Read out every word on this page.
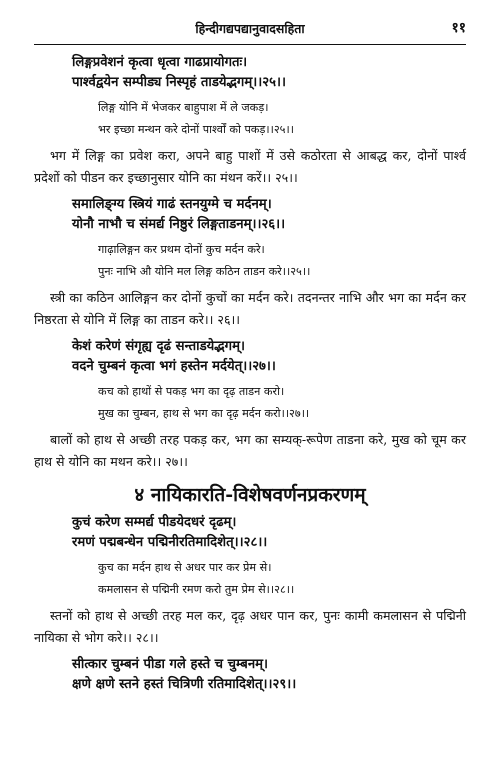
हिन्दीगद्यपद्यानुवादसहिता	११
लिङ्गप्रवेशनं कृत्वा धृत्वा गाढप्रायोगतः।
पार्श्वद्वयेन सम्पीड्य निस्पृहं ताडयेद्भगम्।।२५।।
लिङ्ग योनि में भेजकर बाहुपाश में ले जकड़।
भर इच्छा मन्थन करे दोनों पार्श्वों को पकड़।।२५।।
भग में लिङ्ग का प्रवेश करा, अपने बाहु पाशों में उसे कठोरता से आबद्ध कर, दोनों पार्श्व प्रदेशों को पीडन कर इच्छानुसार योनि का मंथन करें।। २५।।
समालिङ्ग्य स्त्रियं गाढं स्तनयुग्मे च मर्दनम्।
योनौ नाभौ च संमर्द्य निष्ठुरं लिङ्गताडनम्।।२६।।
गाढ़ालिङ्गन कर प्रथम दोनों कुच मर्दन करे।
पुनः नाभि औ योनि मल लिङ्ग कठिन ताडन करे।।२५।।
स्त्री का कठिन आलिङ्गन कर दोनों कुचों का मर्दन करे। तदनन्तर नाभि और भग का मर्दन कर निष्ठरता से योनि में लिङ्ग का ताडन करे।। २६।।
केशं करेणं संगृह्य दृढं सन्ताडयेद्भगम्।
वदने चुम्बनं कृत्वा भगं हस्तेन मर्दयेत्।।२७।।
कच को हाथों से पकड़ भग का दृढ़ ताडन करो।
मुख का चुम्बन, हाथ से भग का दृढ़ मर्दन करो।।२७।।
बालों को हाथ से अच्छी तरह पकड़ कर, भग का सम्यक्-रूपेण ताडना करे, मुख को चूम कर हाथ से योनि का मथन करे।। २७।।
४ नायिकारति-विशेषवर्णनप्रकरणम्
कुचं करेण सम्मर्द्य पीडयेदधरं दृढम्।
रमणं पद्मबन्धेन पद्मिनीरतिमादिशेत्।।२८।।
कुच का मर्दन हाथ से अधर पार कर प्रेम से।
कमलासन से पद्मिनी रमण करो तुम प्रेम से।।२८।।
स्तनों को हाथ से अच्छी तरह मल कर, दृढ़ अधर पान कर, पुनः कामी कमलासन से पद्मिनी नायिका से भोग करे।। २८।।
सीत्कार चुम्बनं पीडा गले हस्ते च चुम्बनम्।
क्षणे क्षणे स्तने हस्तं चित्रिणी रतिमादिशेत्।।२९।।
